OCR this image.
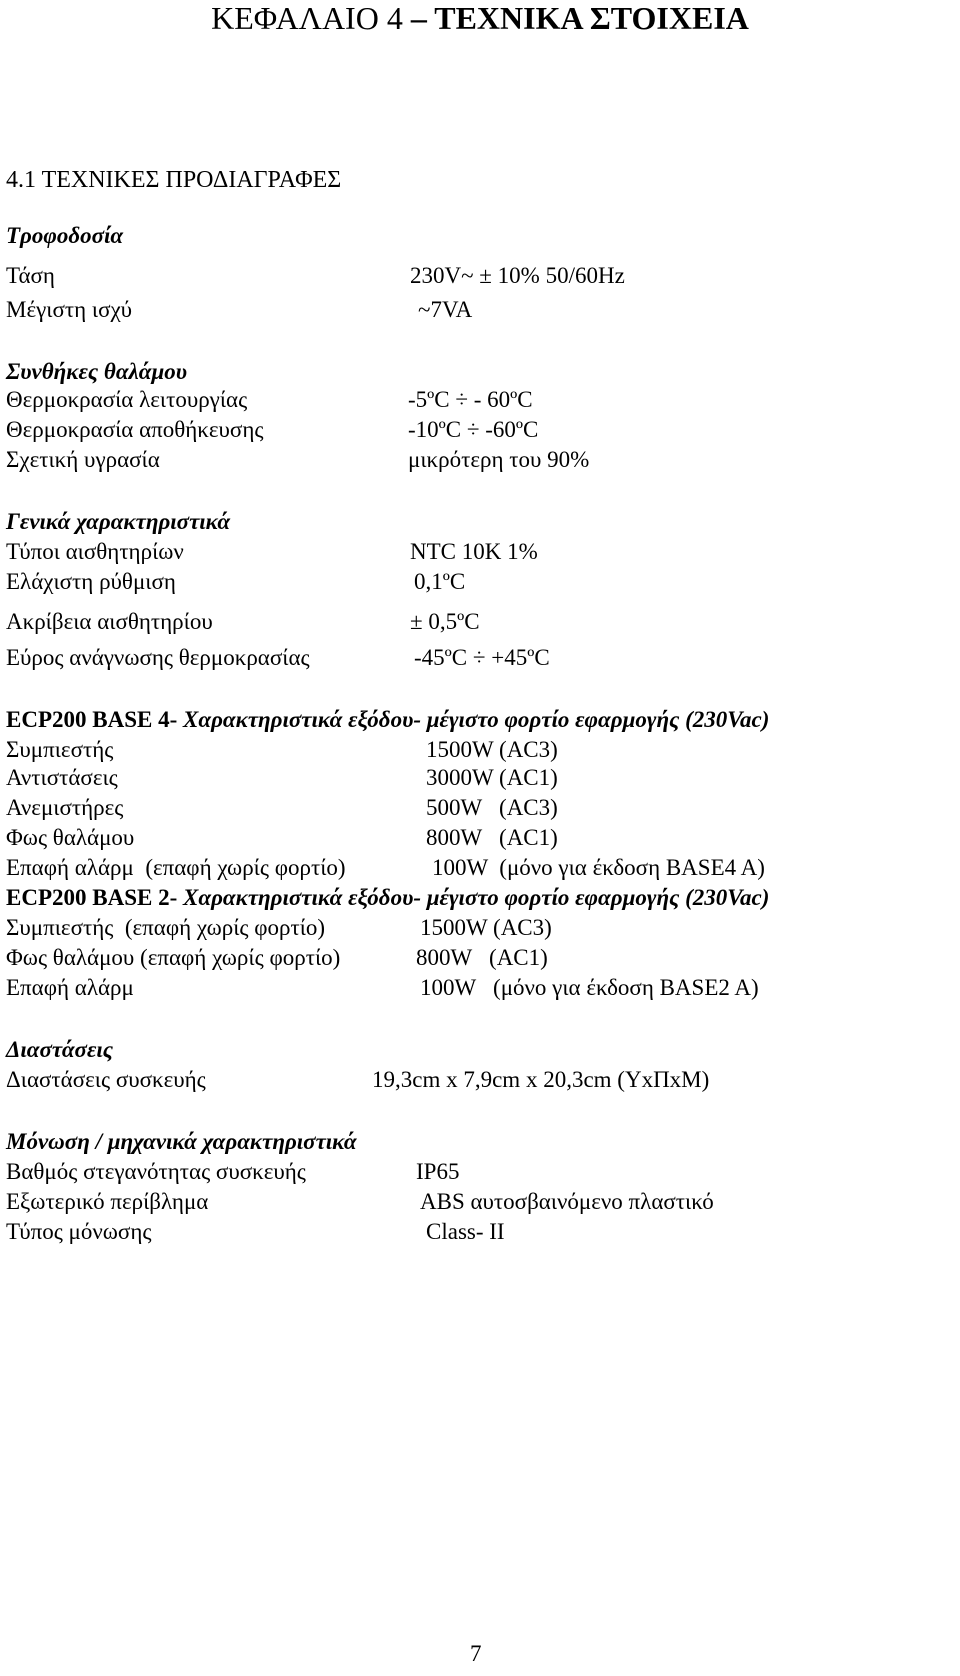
ΚΕΦΑΛΑΙΟ 4 – ΤΕΧΝΙΚΑ ΣΤΟΙΧΕΙΑ
4.1 ΤΕΧΝΙΚΕΣ ΠΡΟΔΙΑΓΡΑΦΕΣ
Τροφοδοσία
Τάση	230V~ ± 10% 50/60Hz
Μέγιστη ισχύ	~7VA
Συνθήκες θαλάμου
Θερμοκρασία λειτουργίας	-5ºC ÷ - 60ºC
Θερμοκρασία αποθήκευσης	-10ºC ÷ -60ºC
Σχετική υγρασία	μικρότερη του 90%
Γενικά χαρακτηριστικά
Τύποι αισθητηρίων	NTC 10K 1%
Ελάχιστη ρύθμιση	0,1ºC
Ακρίβεια αισθητηρίου	± 0,5ºC
Εύρος ανάγνωσης θερμοκρασίας	-45ºC ÷ +45ºC
ECP200 BASE 4- Χαρακτηριστικά εξόδου- μέγιστο φορτίο εφαρμογής (230Vac)
Συμπιεστής	1500W (AC3)
Αντιστάσεις	3000W (AC1)
Ανεμιστήρες	500W   (AC3)
Φως θαλάμου	800W   (AC1)
Επαφή αλάρμ  (επαφή χωρίς φορτίο)	100W  (μόνο για έκδοση BASE4 A)
ECP200 BASE 2- Χαρακτηριστικά εξόδου- μέγιστο φορτίο εφαρμογής (230Vac)
Συμπιεστής  (επαφή χωρίς φορτίο)	1500W (AC3)
Φως θαλάμου (επαφή χωρίς φορτίο)	800W   (AC1)
Επαφή αλάρμ	100W   (μόνο για έκδοση BASE2 A)
Διαστάσεις
Διαστάσεις συσκευής	19,3cm x 7,9cm x 20,3cm (YxΠxM)
Μόνωση / μηχανικά χαρακτηριστικά
Βαθμός στεγανότητας συσκευής	IP65
Εξωτερικό περίβλημα	ABS αυτοσβαινόμενο πλαστικό
Τύπος μόνωσης	Class- II
7
